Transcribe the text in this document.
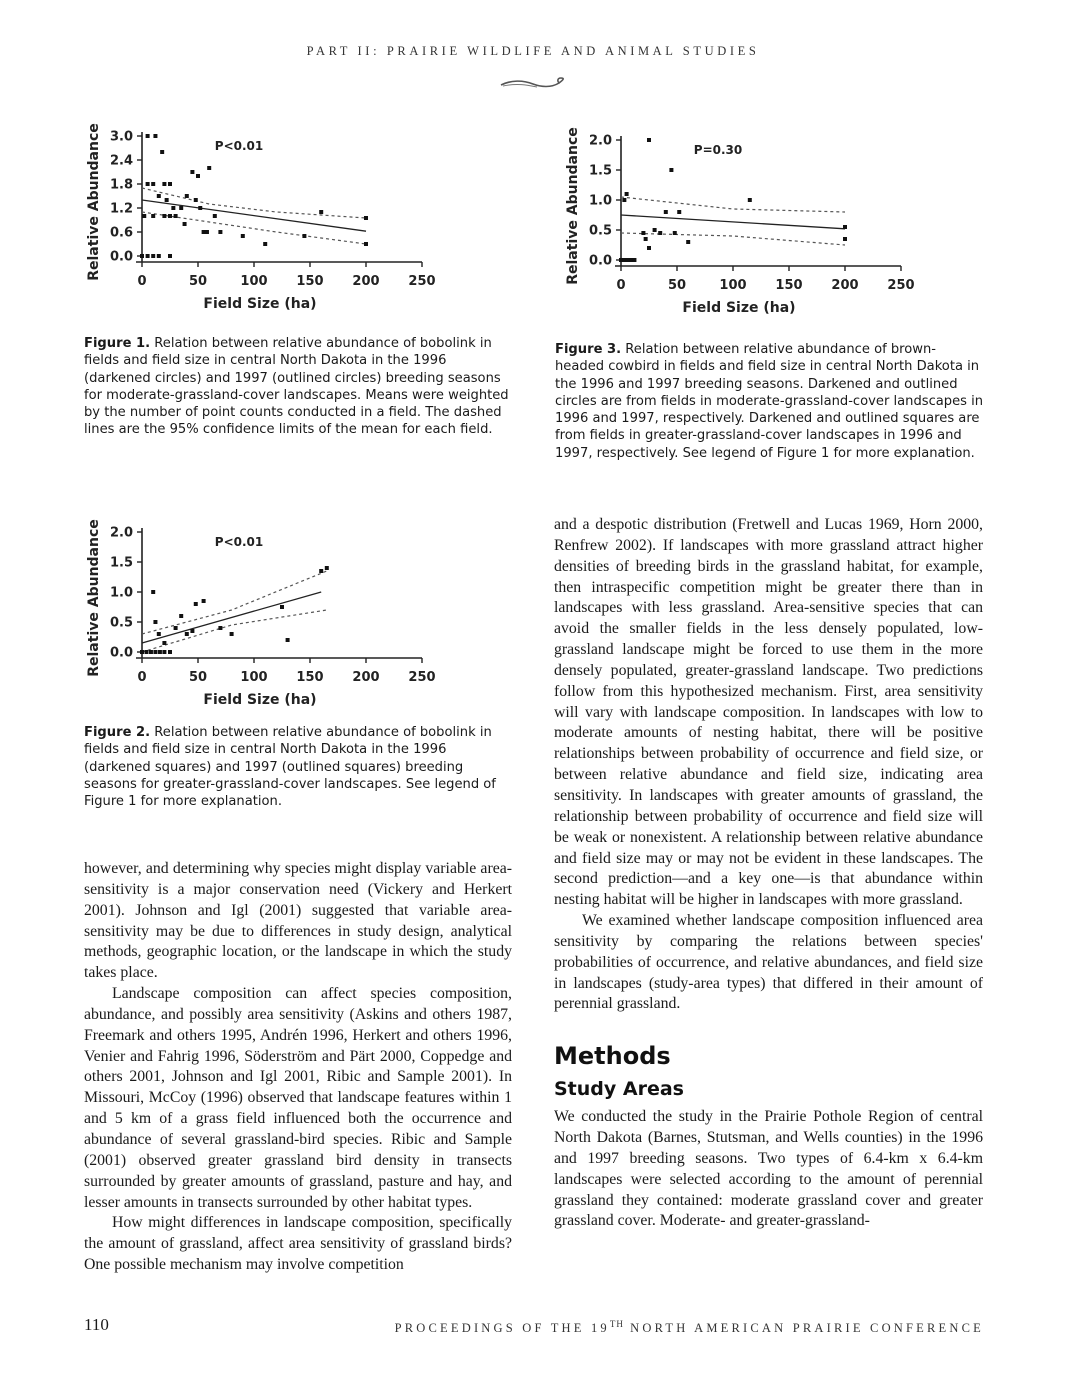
PART II: PRAIRIE WILDLIFE AND ANIMAL STUDIES
0.0
0.6
1.2
1.8
2.4
3.0
0	50	100 150 200 250
Field Size (ha)
Relative Abundance	P<0.01
0.0
0.5
1.0
1.5
2.0
0	50	100 150 200 250
Field Size (ha)
Relative Abundance	P=0.30
0.0
0.5
1.0
1.5
2.0
0	50	100 150 200 250
Field Size (ha)
Relative Abundance	P<0.01
Figure 1. Relation between relative abundance of bobolink in fields and field size in central North Dakota in the 1996 (darkened circles) and 1997 (outlined circles) breeding seasons for moderate-grassland-cover landscapes. Means were weighted by the number of point counts conducted in a field. The dashed lines are the 95% confidence limits of the mean for each field.
Figure 3. Relation between relative abundance of brown-headed cowbird in fields and field size in central North Dakota in the 1996 and 1997 breeding seasons. Darkened and outlined circles are from fields in moderate-grassland-cover landscapes in 1996 and 1997, respectively. Darkened and outlined squares are from fields in greater-grassland-cover landscapes in 1996 and 1997, respectively. See legend of Figure 1 for more explanation.
Figure 2. Relation between relative abundance of bobolink in fields and field size in central North Dakota in the 1996 (darkened squares) and 1997 (outlined squares) breeding seasons for greater-grassland-cover landscapes. See legend of Figure 1 for more explanation.

however, and determining why species might display variable area-sensitivity is a major conservation need (Vickery and Herkert 2001). Johnson and Igl (2001) suggested that variable area-sensitivity may be due to differences in study design, analytical methods, geographic location, or the landscape in which the study takes place.

Landscape composition can affect species composition, abundance, and possibly area sensitivity (Askins and others 1987, Freemark and others 1995, Andrén 1996, Herkert and others 1996, Venier and Fahrig 1996, Söderström and Pärt 2000, Coppedge and others 2001, Johnson and Igl 2001, Ribic and Sample 2001). In Missouri, McCoy (1996) observed that landscape features within 1 and 5 km of a grass field influenced both the occurrence and abundance of several grassland-bird species. Ribic and Sample (2001) observed greater grassland bird density in transects surrounded by greater amounts of grassland, pasture and hay, and lesser amounts in transects surrounded by other habitat types.

How might differences in landscape composition, specifically the amount of grassland, affect area sensitivity of grassland birds? One possible mechanism may involve competition

and a despotic distribution (Fretwell and Lucas 1969, Horn 2000, Renfrew 2002). If landscapes with more grassland attract higher densities of breeding birds in the grassland habitat, for example, then intraspecific competition might be greater there than in landscapes with less grassland. Area-sensitive species that can avoid the smaller fields in the less densely populated, low-grassland landscape might be forced to use them in the more densely populated, greater-grassland landscape. Two predictions follow from this hypothesized mechanism. First, area sensitivity will vary with landscape composition. In landscapes with low to moderate amounts of nesting habitat, there will be positive relationships between probability of occurrence and field size, or between relative abundance and field size, indicating area sensitivity. In landscapes with greater amounts of grassland, the relationship between probability of occurrence and field size will be weak or nonexistent. A relationship between relative abundance and field size may or may not be evident in these landscapes. The second prediction—and a key one—is that abundance within nesting habitat will be higher in landscapes with more grassland.

We examined whether landscape composition influenced area sensitivity by comparing the relations between species' probabilities of occurrence, and relative abundances, and field size in landscapes (study-area types) that differed in their amount of perennial grassland.

Methods
Study Areas

We conducted the study in the Prairie Pothole Region of central North Dakota (Barnes, Stutsman, and Wells counties) in the 1996 and 1997 breeding seasons. Two types of 6.4-km x 6.4-km landscapes were selected according to the amount of perennial grassland they contained: moderate grassland cover and greater grassland cover. Moderate- and greater-grassland-

110	PROCEEDINGS OF THE 19TH NORTH AMERICAN PRAIRIE CONFERENCE
